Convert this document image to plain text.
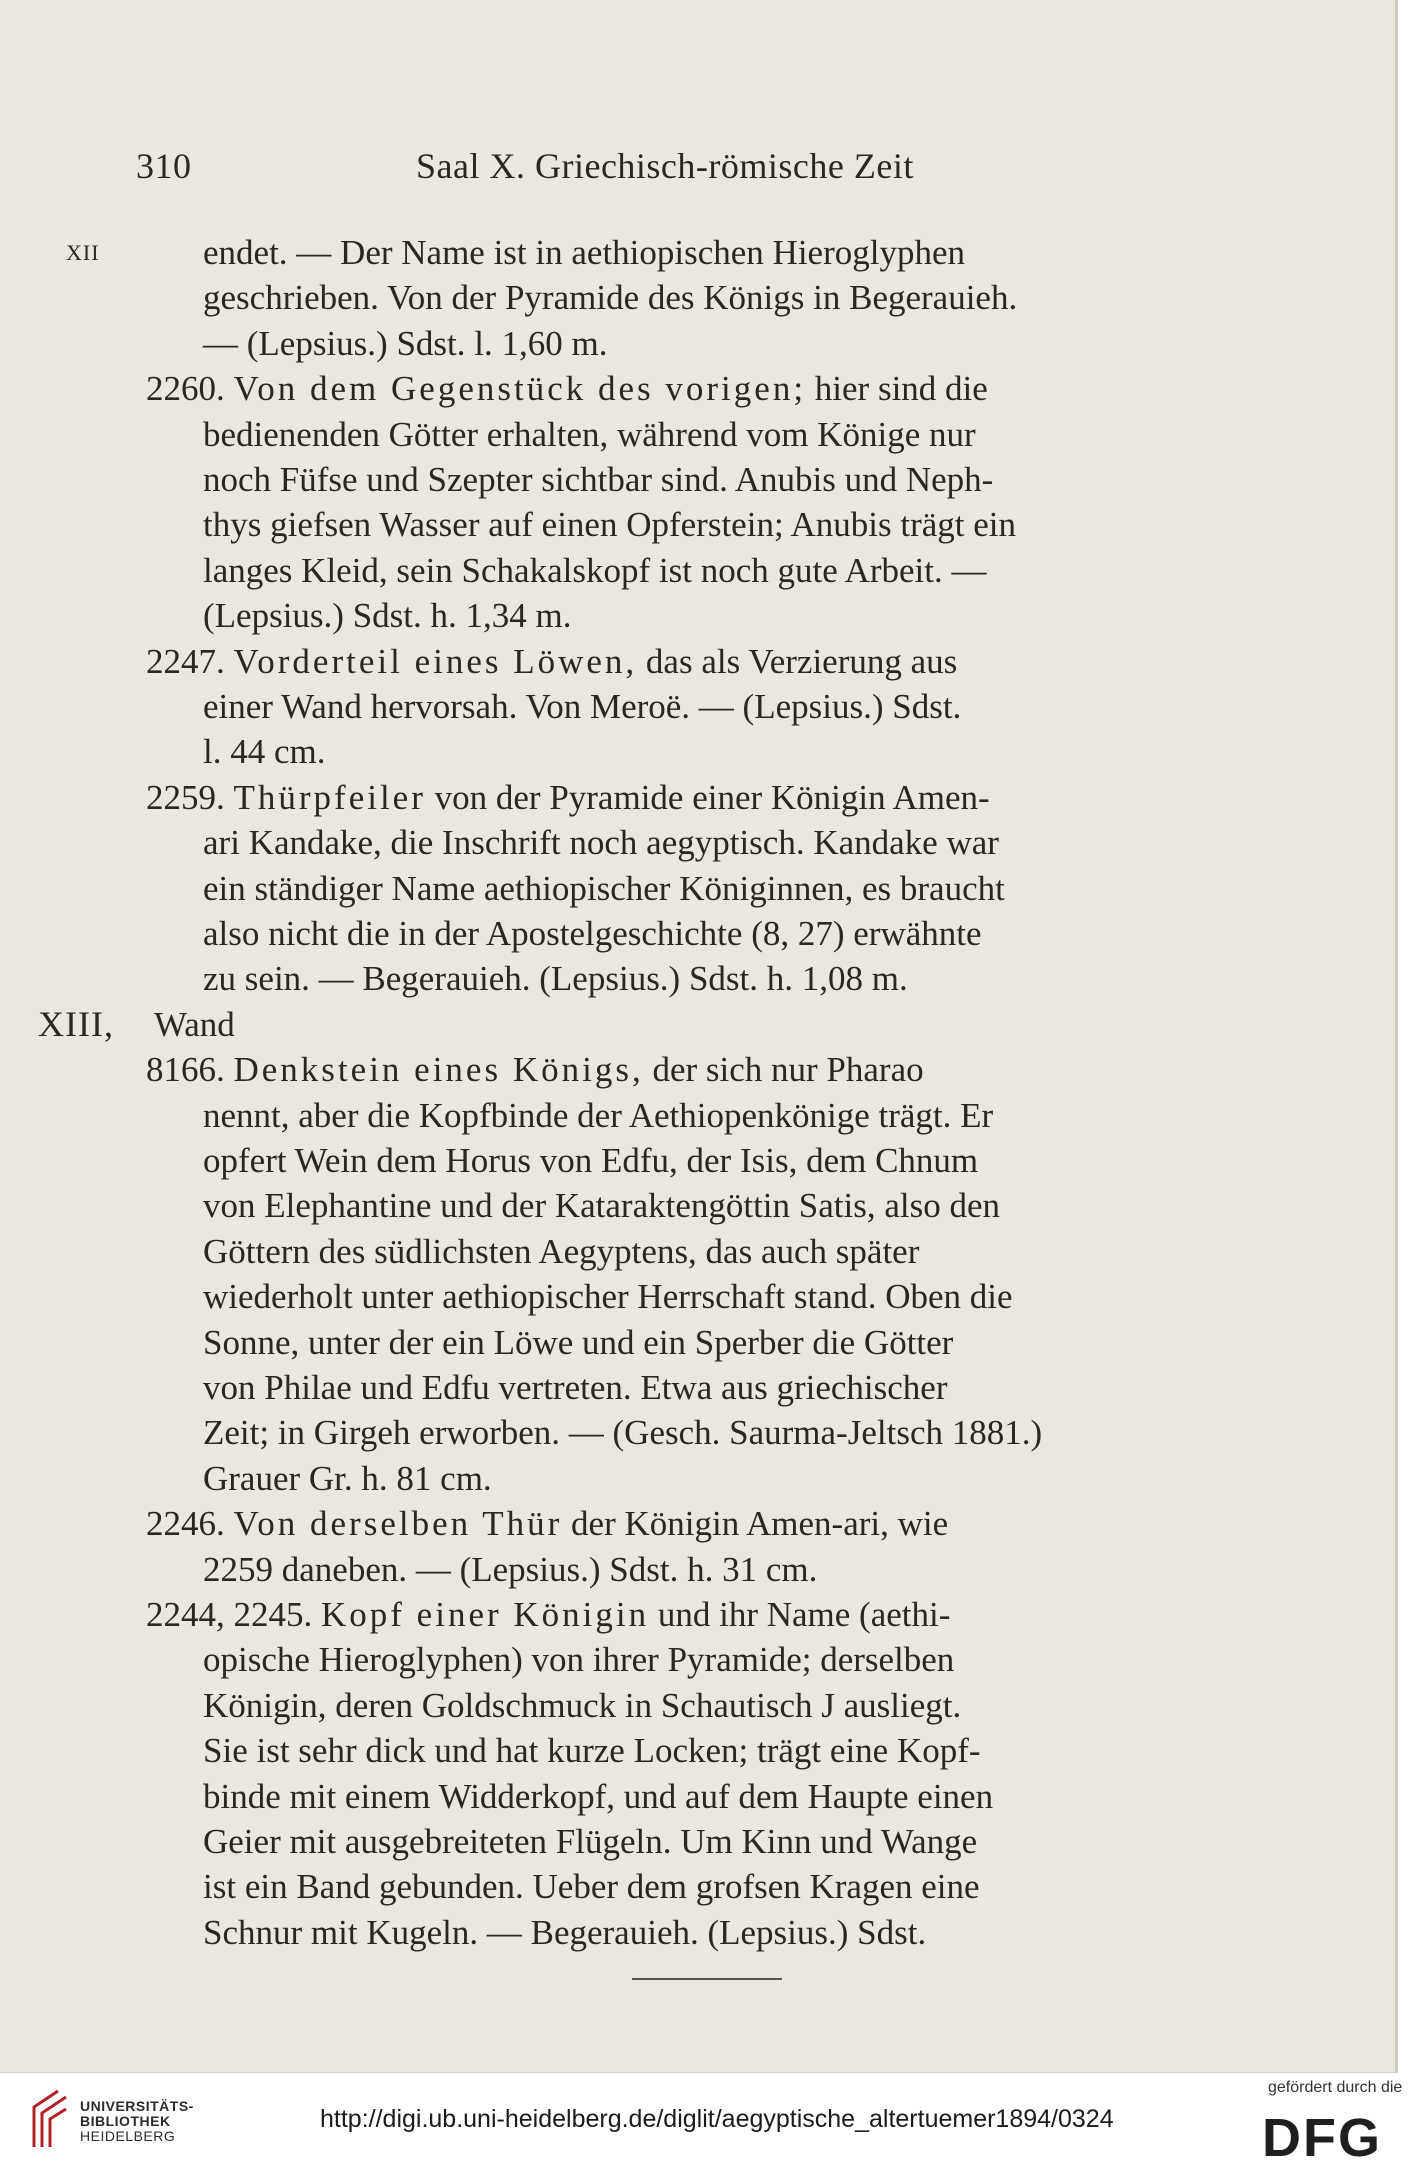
310	Saal X. Griechisch-römische Zeit
XII	endet. — Der Name ist in aethiopischen Hieroglyphen
geschrieben. Von der Pyramide des Königs in Begerauieh.
— (Lepsius.) Sdst. l. 1,60 m.
2260. Von dem Gegenstück des vorigen; hier sind die
bedienenden Götter erhalten, während vom Könige nur
noch Füfse und Szepter sichtbar sind. Anubis und Neph-
thys giefsen Wasser auf einen Opferstein; Anubis trägt ein
langes Kleid, sein Schakalskopf ist noch gute Arbeit. —
(Lepsius.) Sdst. h. 1,34 m.
2247. Vorderteil eines Löwen, das als Verzierung aus
einer Wand hervorsah. Von Meroë. — (Lepsius.) Sdst.
l. 44 cm.
2259. Thürpfeiler von der Pyramide einer Königin Amen-
ari Kandake, die Inschrift noch aegyptisch. Kandake war
ein ständiger Name aethiopischer Königinnen, es braucht
also nicht die in der Apostelgeschichte (8, 27) erwähnte
zu sein. — Begerauieh. (Lepsius.) Sdst. h. 1,08 m.
XIII, Wand
8166. Denkstein eines Königs, der sich nur Pharao
nennt, aber die Kopfbinde der Aethiopenkönige trägt. Er
opfert Wein dem Horus von Edfu, der Isis, dem Chnum
von Elephantine und der Kataraktengöttin Satis, also den
Göttern des südlichsten Aegyptens, das auch später
wiederholt unter aethiopischer Herrschaft stand. Oben die
Sonne, unter der ein Löwe und ein Sperber die Götter
von Philae und Edfu vertreten. Etwa aus griechischer
Zeit; in Girgeh erworben. — (Gesch. Saurma-Jeltsch 1881.)
Grauer Gr. h. 81 cm.
2246. Von derselben Thür der Königin Amen-ari, wie
2259 daneben. — (Lepsius.) Sdst. h. 31 cm.
2244, 2245. Kopf einer Königin und ihr Name (aethi-
opische Hieroglyphen) von ihrer Pyramide; derselben
Königin, deren Goldschmuck in Schautisch J ausliegt.
Sie ist sehr dick und hat kurze Locken; trägt eine Kopf-
binde mit einem Widderkopf, und auf dem Haupte einen
Geier mit ausgebreiteten Flügeln. Um Kinn und Wange
ist ein Band gebunden. Ueber dem grofsen Kragen eine
Schnur mit Kugeln. — Begerauieh. (Lepsius.) Sdst.
UNIVERSITÄTS-
BIBLIOTHEK
HEIDELBERG
http://digi.ub.uni-heidelberg.de/diglit/aegyptische_altertuemer1894/0324
gefördert durch die
DFG
